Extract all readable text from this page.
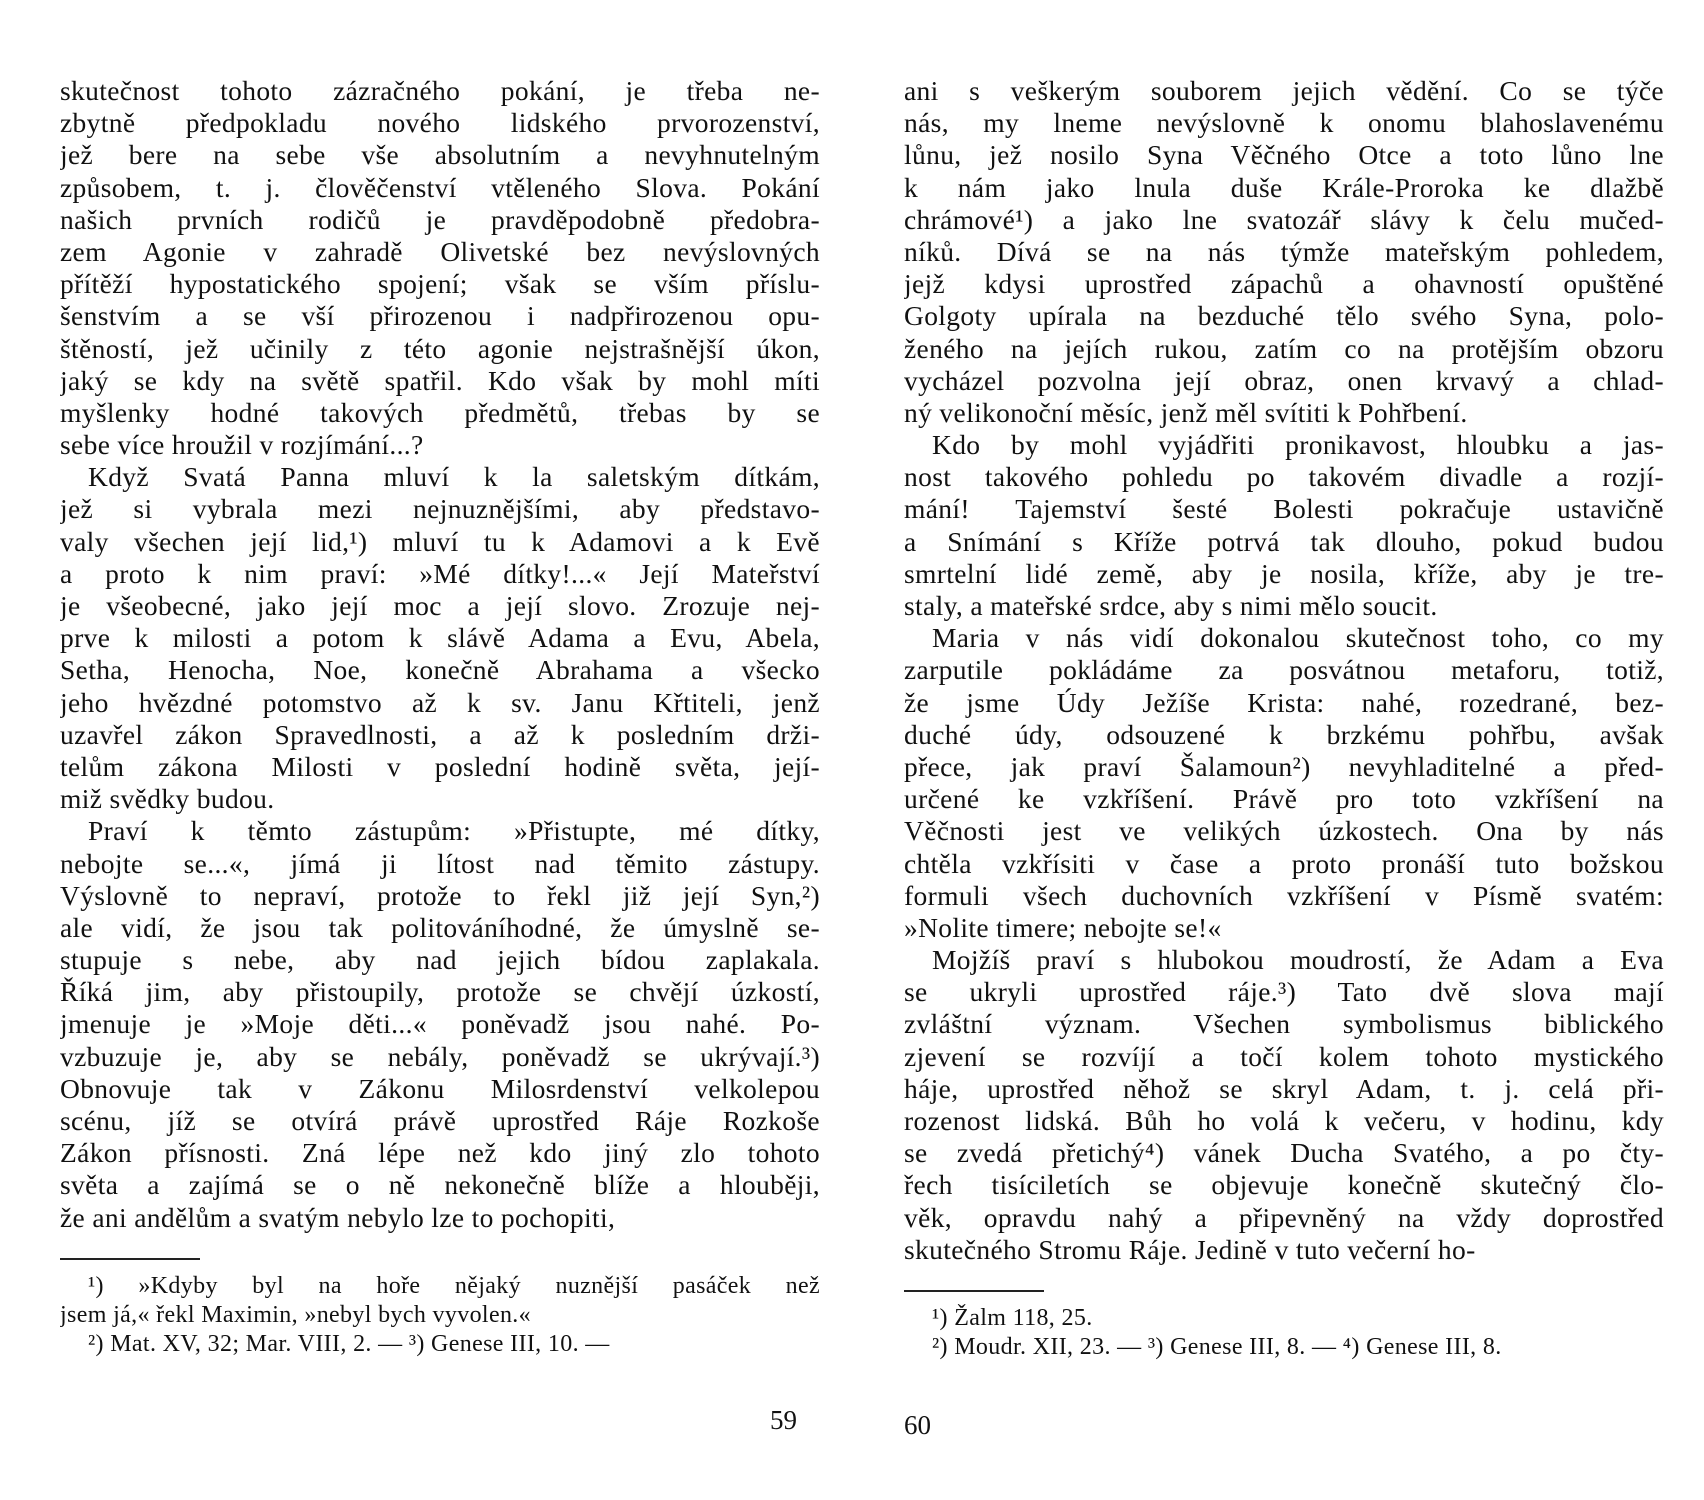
skutečnost tohoto zázračného pokání, je třeba ne-
zbytně předpokladu nového lidského prvorozenství,
jež bere na sebe vše absolutním a nevyhnutelným
způsobem, t. j. člověčenství vtěleného Slova. Pokání
našich prvních rodičů je pravděpodobně předobra-
zem Agonie v zahradě Olivetské bez nevýslovných
přítěží hypostatického spojení; však se vším příslu-
šenstvím a se vší přirozenou i nadpřirozenou opu-
štěností, jež učinily z této agonie nejstrašnější úkon,
jaký se kdy na světě spatřil. Kdo však by mohl míti
myšlenky hodné takových předmětů, třebas by se
sebe více hroužil v rozjímání...?
Když Svatá Panna mluví k la saletským dítkám,
jež si vybrala mezi nejnuznějšími, aby představo-
valy všechen její lid,¹) mluví tu k Adamovi a k Evě
a proto k nim praví: »Mé dítky!...« Její Mateřství
je všeobecné, jako její moc a její slovo. Zrozuje nej-
prve k milosti a potom k slávě Adama a Evu, Abela,
Setha, Henocha, Noe, konečně Abrahama a všecko
jeho hvězdné potomstvo až k sv. Janu Křtiteli, jenž
uzavřel zákon Spravedlnosti, a až k posledním drži-
telům zákona Milosti v poslední hodině světa, její-
miž svědky budou.
Praví k těmto zástupům: »Přistupte, mé dítky,
nebojte se...«, jímá ji lítost nad těmito zástupy.
Výslovně to nepraví, protože to řekl již její Syn,²)
ale vidí, že jsou tak politováníhodné, že úmyslně se-
stupuje s nebe, aby nad jejich bídou zaplakala.
Říká jim, aby přistoupily, protože se chvějí úzkostí,
jmenuje je »Moje děti...« poněvadž jsou nahé. Po-
vzbuzuje je, aby se nebály, poněvadž se ukrývají.³)
Obnovuje tak v Zákonu Milosrdenství velkolepou
scénu, jíž se otvírá právě uprostřed Ráje Rozkoše
Zákon přísnosti. Zná lépe než kdo jiný zlo tohoto
světa a zajímá se o ně nekonečně blíže a hlouběji,
že ani andělům a svatým nebylo lze to pochopiti,
¹) »Kdyby byl na hoře nějaký nuznější pasáček než
jsem já,« řekl Maximin, »nebyl bych vyvolen.«
²) Mat. XV, 32; Mar. VIII, 2. — ³) Genese III, 10. —
59
ani s veškerým souborem jejich vědění. Co se týče
nás, my lneme nevýslovně k onomu blahoslavenému
lůnu, jež nosilo Syna Věčného Otce a toto lůno lne
k nám jako lnula duše Krále-Proroka ke dlažbě
chrámové¹) a jako lne svatozář slávy k čelu mučed-
níků. Dívá se na nás týmže mateřským pohledem,
jejž kdysi uprostřed zápachů a ohavností opuštěné
Golgoty upírala na bezduché tělo svého Syna, polo-
ženého na jejích rukou, zatím co na protějším obzoru
vycházel pozvolna její obraz, onen krvavý a chlad-
ný velikonoční měsíc, jenž měl svítiti k Pohřbení.
Kdo by mohl vyjádřiti pronikavost, hloubku a jas-
nost takového pohledu po takovém divadle a rozjí-
mání! Tajemství šesté Bolesti pokračuje ustavičně
a Snímání s Kříže potrvá tak dlouho, pokud budou
smrtelní lidé země, aby je nosila, kříže, aby je tre-
staly, a mateřské srdce, aby s nimi mělo soucit.
Maria v nás vidí dokonalou skutečnost toho, co my
zarputile pokládáme za posvátnou metaforu, totiž,
že jsme Údy Ježíše Krista: nahé, rozedrané, bez-
duché údy, odsouzené k brzkému pohřbu, avšak
přece, jak praví Šalamoun²) nevyhladitelné a před-
určené ke vzkříšení. Právě pro toto vzkříšení na
Věčnosti jest ve velikých úzkostech. Ona by nás
chtěla vzkřísiti v čase a proto pronáší tuto božskou
formuli všech duchovních vzkříšení v Písmě svatém:
»Nolite timere; nebojte se!«
Mojžíš praví s hlubokou moudrostí, že Adam a Eva
se ukryli uprostřed ráje.³) Tato dvě slova mají
zvláštní význam. Všechen symbolismus biblického
zjevení se rozvíjí a točí kolem tohoto mystického
háje, uprostřed něhož se skryl Adam, t. j. celá při-
rozenost lidská. Bůh ho volá k večeru, v hodinu, kdy
se zvedá přetichý⁴) vánek Ducha Svatého, a po čty-
řech tisíciletích se objevuje konečně skutečný člo-
věk, opravdu nahý a připevněný na vždy doprostřed
skutečného Stromu Ráje. Jedině v tuto večerní ho-
¹) Žalm 118, 25.
²) Moudr. XII, 23. — ³) Genese III, 8. — ⁴) Genese III, 8.
60
